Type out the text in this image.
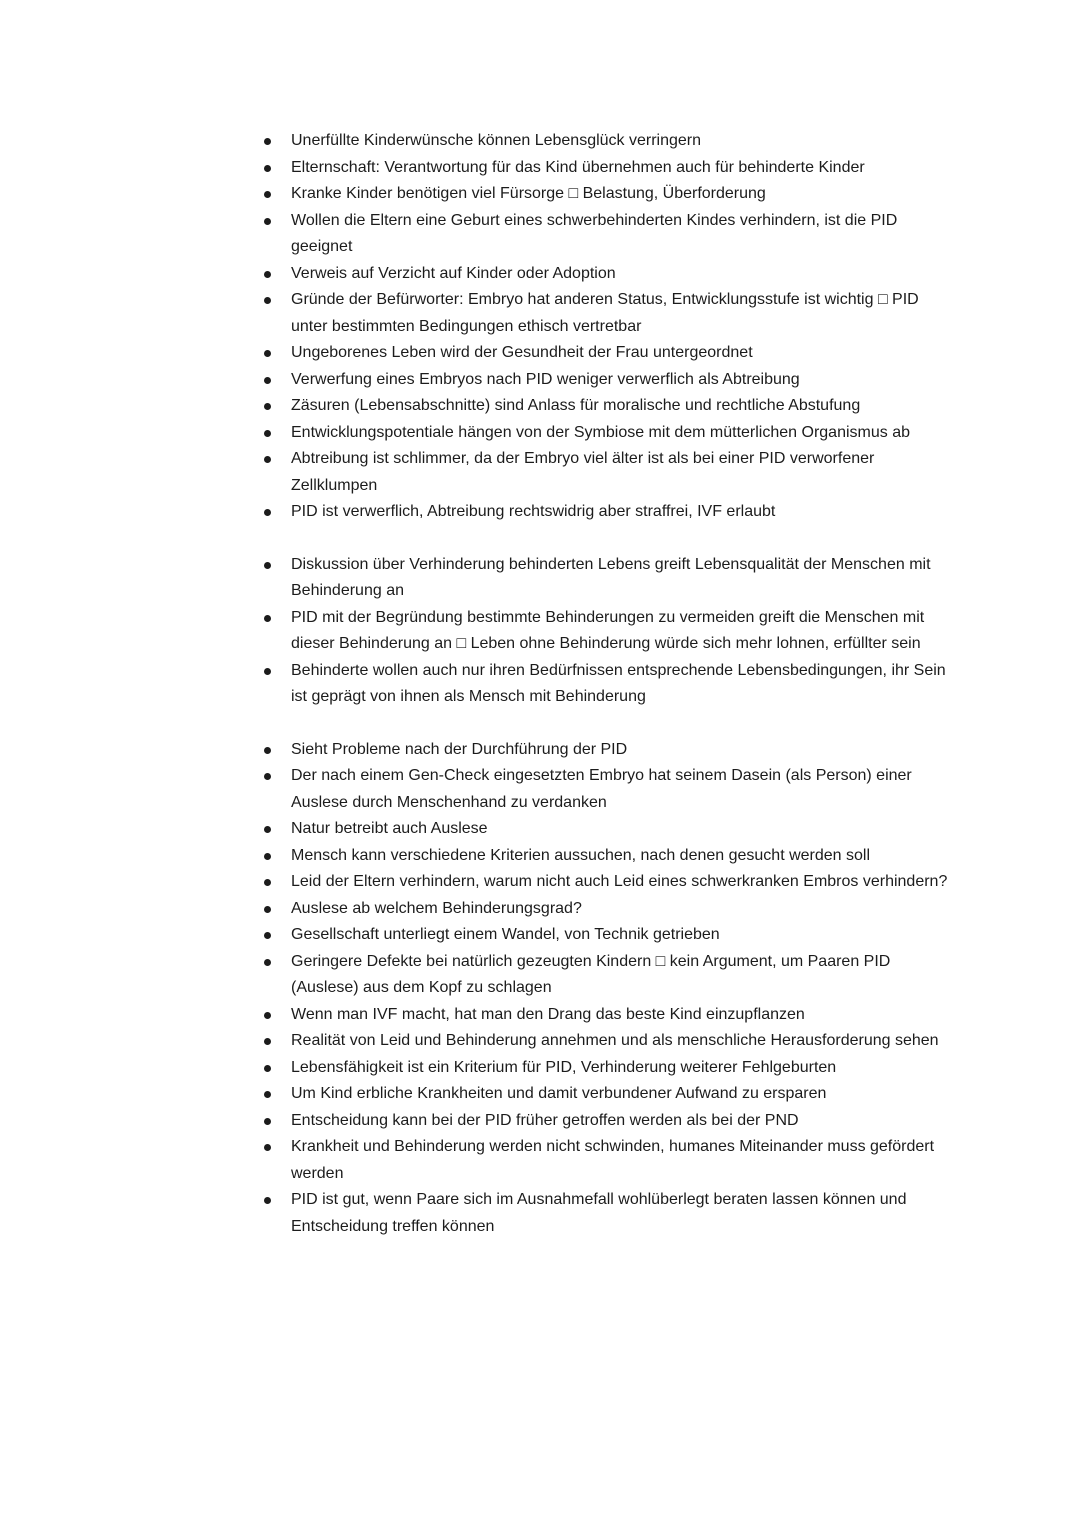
Unerfüllte Kinderwünsche können Lebensglück verringern
Elternschaft: Verantwortung für das Kind übernehmen auch für behinderte Kinder
Kranke Kinder benötigen viel Fürsorge □ Belastung, Überforderung
Wollen die Eltern eine Geburt eines schwerbehinderten Kindes verhindern, ist die PID geeignet
Verweis auf Verzicht auf Kinder oder Adoption
Gründe der Befürworter: Embryo hat anderen Status, Entwicklungsstufe ist wichtig □ PID unter bestimmten Bedingungen ethisch vertretbar
Ungeborenes Leben wird der Gesundheit der Frau untergeordnet
Verwerfung eines Embryos nach PID weniger verwerflich als Abtreibung
Zäsuren (Lebensabschnitte) sind Anlass für moralische und rechtliche Abstufung
Entwicklungspotentiale hängen von der Symbiose mit dem mütterlichen Organismus ab
Abtreibung ist schlimmer, da der Embryo viel älter ist als bei einer PID verworfener Zellklumpen
PID ist verwerflich, Abtreibung rechtswidrig aber straffrei, IVF erlaubt
Diskussion über Verhinderung behinderten Lebens greift Lebensqualität der Menschen mit Behinderung an
PID mit der Begründung bestimmte Behinderungen zu vermeiden greift die Menschen mit dieser Behinderung an □ Leben ohne Behinderung würde sich mehr lohnen, erfüllter sein
Behinderte wollen auch nur ihren Bedürfnissen entsprechende Lebensbedingungen, ihr Sein ist geprägt von ihnen als Mensch mit Behinderung
Sieht Probleme nach der Durchführung der PID
Der nach einem Gen-Check eingesetzten Embryo hat seinem Dasein (als Person) einer Auslese durch Menschenhand zu verdanken
Natur betreibt auch Auslese
Mensch kann verschiedene Kriterien aussuchen, nach denen gesucht werden soll
Leid der Eltern verhindern, warum nicht auch Leid eines schwerkranken Embros verhindern?
Auslese ab welchem Behinderungsgrad?
Gesellschaft unterliegt einem Wandel, von Technik getrieben
Geringere Defekte bei natürlich gezeugten Kindern □ kein Argument, um Paaren PID (Auslese) aus dem Kopf zu schlagen
Wenn man IVF macht, hat man den Drang das beste Kind einzupflanzen
Realität von Leid und Behinderung annehmen und als menschliche Herausforderung sehen
Lebensfähigkeit ist ein Kriterium für PID, Verhinderung weiterer Fehlgeburten
Um Kind erbliche Krankheiten und damit verbundener Aufwand zu ersparen
Entscheidung kann bei der PID früher getroffen werden als bei der PND
Krankheit und Behinderung werden nicht schwinden, humanes Miteinander muss gefördert werden
PID ist gut, wenn Paare sich im Ausnahmefall wohlüberlegt beraten lassen können und Entscheidung treffen können
